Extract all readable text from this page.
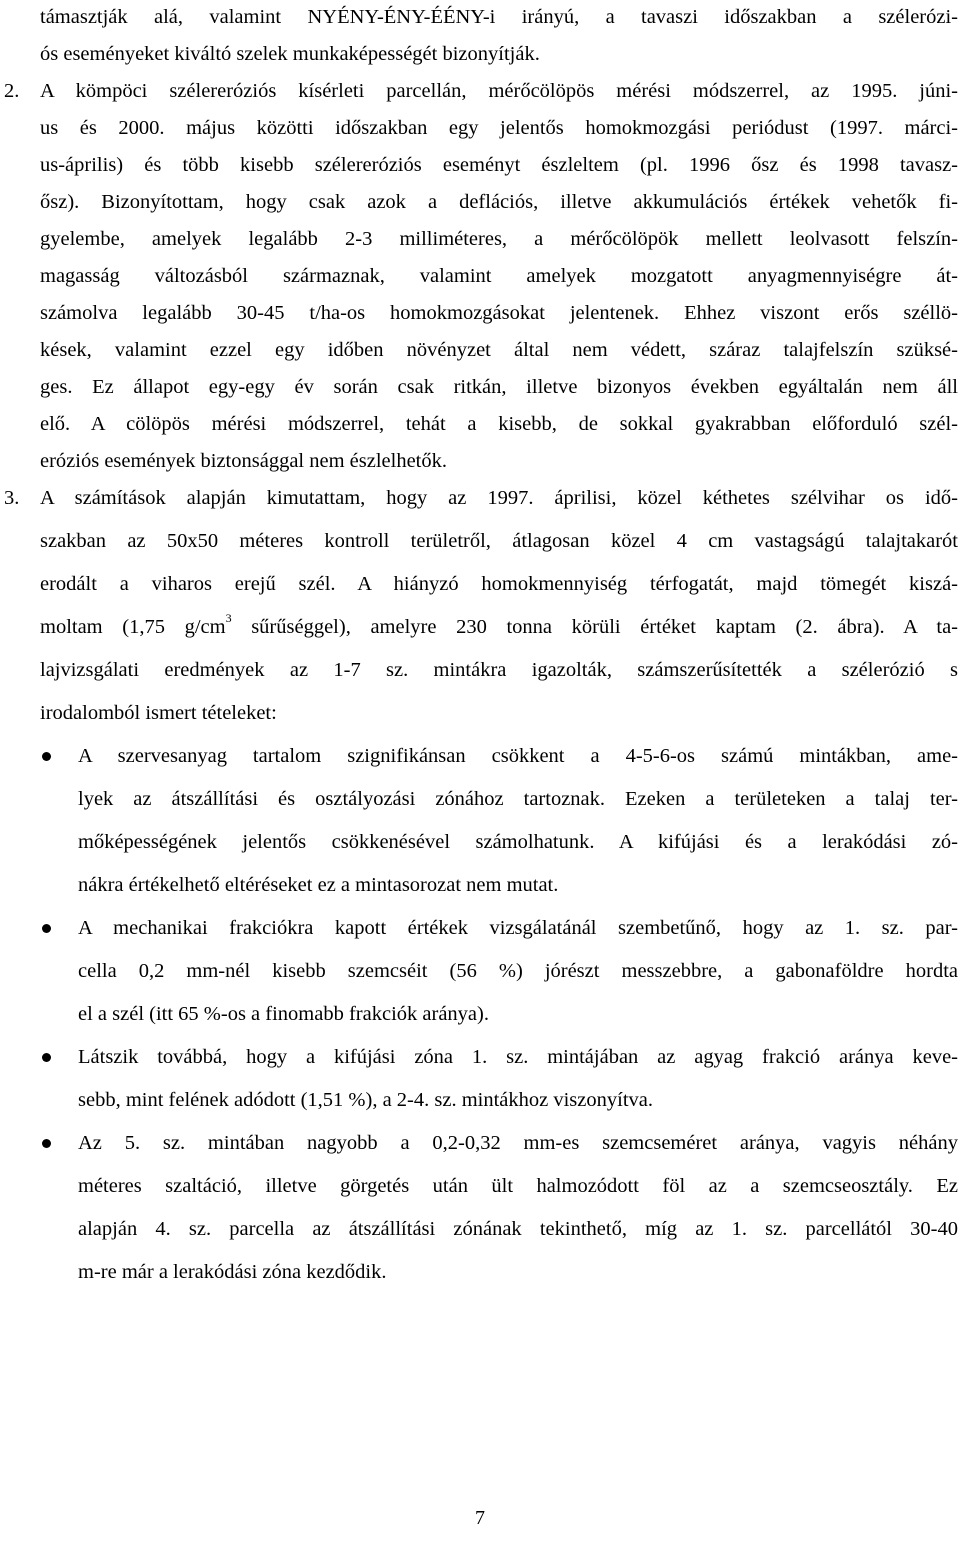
támasztják alá, valamint NYÉNY-ÉNY-ÉÉNY-i irányú, a tavaszi időszakban a szélerózi-
ós eseményeket kiváltó szelek munkaképességét bizonyítják.
2. A kömpöci szélereróziós kísérleti parcellán, mérőcölöpös mérési módszerrel, az 1995. júni-
us és 2000. május közötti időszakban egy jelentős homokmozgási periódust (1997. márci-
us-április) és több kisebb szélereróziós eseményt észleltem (pl. 1996 ősz és 1998 tavasz-
ősz). Bizonyítottam, hogy csak azok a deflációs, illetve akkumulációs értékek vehetők fi-
gyelembe, amelyek legalább 2-3 milliméteres, a mérőcölöpök mellett leolvasott felszín-
magasság változásból származnak, valamint amelyek mozgatott anyagmennyiségre át-
számolva legalább 30-45 t/ha-os homokmozgásokat jelentenek. Ehhez viszont erős széllö-
kések, valamint ezzel egy időben növényzet által nem védett, száraz talajfelszín szüksé-
ges. Ez állapot egy-egy év során csak ritkán, illetve bizonyos években egyáltalán nem áll
elő. A cölöpös mérési módszerrel, tehát a kisebb, de sokkal gyakrabban előforduló szél-
eróziós események biztonsággal nem észlelhetők.
3. A számítások alapján kimutattam, hogy az 1997. áprilisi, közel kéthetes szélvihar os idő-
szakban az 50x50 méteres kontroll területről, átlagosan közel 4 cm vastagságú talajtakarót
erodált a viharos erejű szél. A hiányzó homokmennyiség térfogatát, majd tömegét kiszá-
moltam (1,75 $g/cm^3$ sűrűséggel), amelyre 230 tonna körüli értéket kaptam (2. ábra). A ta-
lajvizsgálati eredmények az 1-7 sz. mintákra igazolták, számszerűsítették a szélerózió s
irodalomból ismert tételeket:
A szervesanyag tartalom szignifikánsan csökkent a 4-5-6-os számú mintákban, ame-
lyek az átszállítási és osztályozási zónához tartoznak. Ezeken a területeken a talaj ter-
mőképességének jelentős csökkenésével számolhatunk. A kifújási és a lerakódási zó-
nákra értékelhető eltéréseket ez a mintasorozat nem mutat.
A mechanikai frakciókra kapott értékek vizsgálatánál szembetűnő, hogy az 1. sz. par-
cella 0,2 mm-nél kisebb szemcséit (56 %) jórészt messzebbre, a gabonaföldre hordta
el a szél (itt 65 %-os a finomabb frakciók aránya).
Látszik továbbá, hogy a kifújási zóna 1. sz. mintájában az agyag frakció aránya keve-
sebb, mint felének adódott (1,51 %), a 2-4. sz. mintákhoz viszonyítva.
Az 5. sz. mintában nagyobb a 0,2-0,32 mm-es szemcseméret aránya, vagyis néhány
méteres szaltáció, illetve görgetés után ült halmozódott föl az a szemcseosztály. Ez
alapján 4. sz. parcella az átszállítási zónának tekinthető, míg az 1. sz. parcellától 30-40
m-re már a lerakódási zóna kezdődik.
7
